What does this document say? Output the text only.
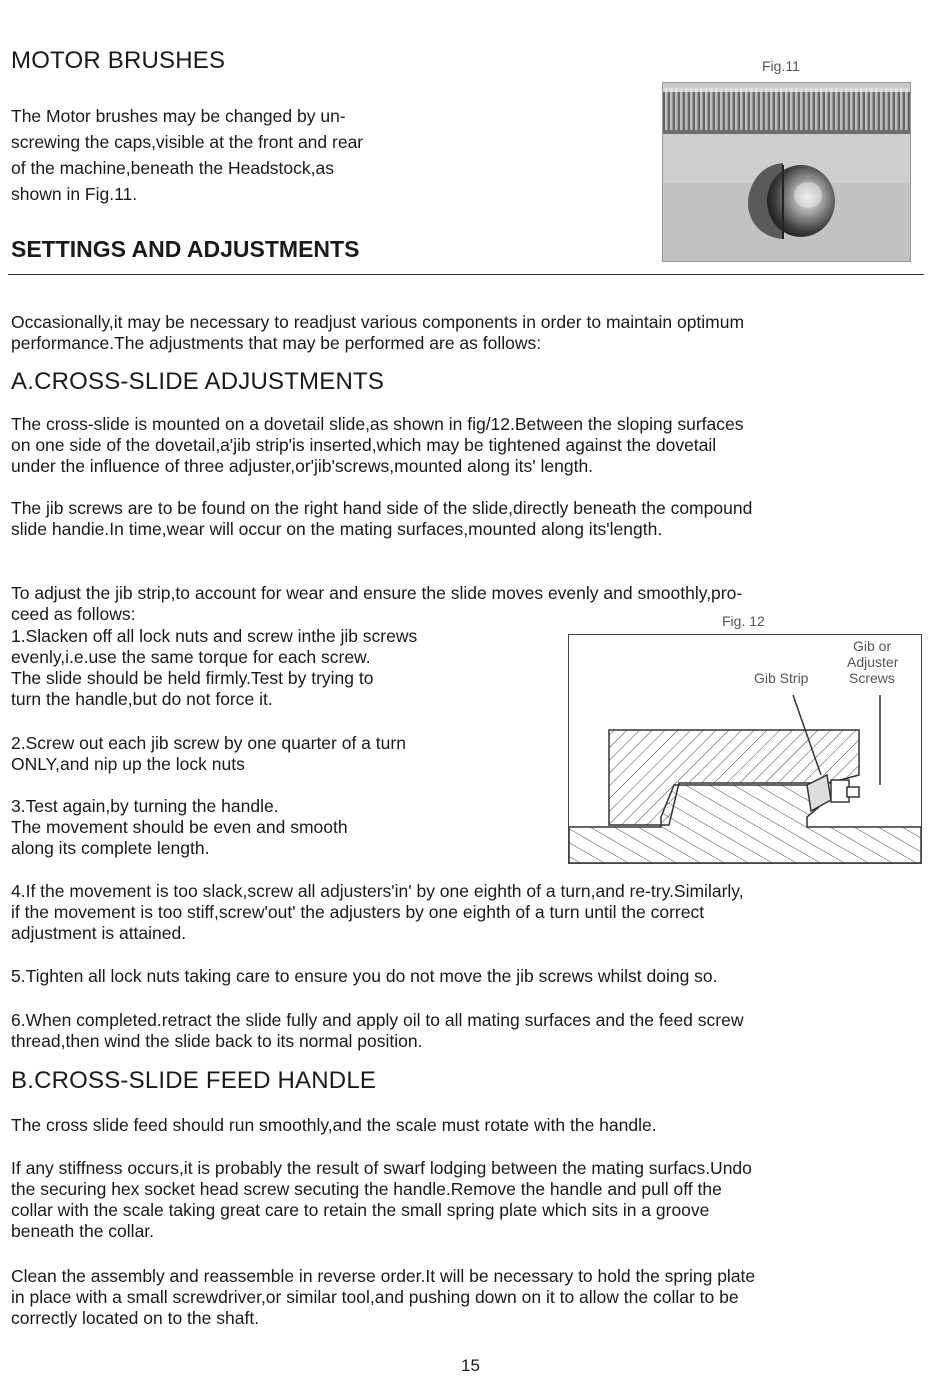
MOTOR BRUSHES

The Motor brushes may be changed by un-

screwing the caps,visible at the front and rear

of the machine,beneath the Headstock,as

shown in Fig.11.

Fig.11
SETTINGS AND ADJUSTMENTS

Occasionally,it may be necessary to readjust various components in order to maintain optimum

performance.The adjustments that may be performed are as follows:

A.CROSS-SLIDE ADJUSTMENTS

The cross-slide is mounted on a dovetail slide,as shown in fig/12.Between the sloping surfaces

on one side of the dovetail,a'jib strip'is inserted,which may be tightened against the dovetail

under the influence of three adjuster,or'jib'screws,mounted along its' length.

The jib screws are to be found on the right hand side of the slide,directly beneath the compound

slide handie.In time,wear will occur on the mating surfaces,mounted along its'length.

To adjust the jib strip,to account for wear and ensure the slide moves evenly and smoothly,pro-

ceed as follows:

1.Slacken off all lock nuts and screw inthe jib screws

evenly,i.e.use the same torque for each screw.

The slide should be held firmly.Test by trying to

turn the handle,but do not force it.

2.Screw out each jib screw by one quarter of a turn

ONLY,and nip up the lock nuts

3.Test again,by turning the handle.

The movement should be even and smooth

along its complete length.

Fig. 12
Gib Strip
Gib or
Adjuster
Screws

4.If the movement is too slack,screw all adjusters'in' by one eighth of a turn,and re-try.Similarly,

if the movement is too stiff,screw'out' the adjusters by one eighth of a turn until the correct

adjustment is attained.

5.Tighten all lock nuts taking care to ensure you do not move the jib screws whilst doing so.

6.When completed.retract the slide fully and apply oil to all mating surfaces and the feed screw

thread,then wind the slide back to its normal position.

B.CROSS-SLIDE FEED HANDLE

The cross slide feed should run smoothly,and the scale must rotate with the handle.

If any stiffness occurs,it is probably the result of swarf lodging between the mating surfacs.Undo

the securing hex socket head screw secuting the handle.Remove the handle and pull off the

collar with the scale taking great care to retain the small spring plate which sits in a groove

beneath the collar.

Clean the assembly and reassemble in reverse order.It will be necessary to hold the spring plate

in place with a small screwdriver,or similar tool,and pushing down on it to allow the collar to be

correctly located on to the shaft.

15
